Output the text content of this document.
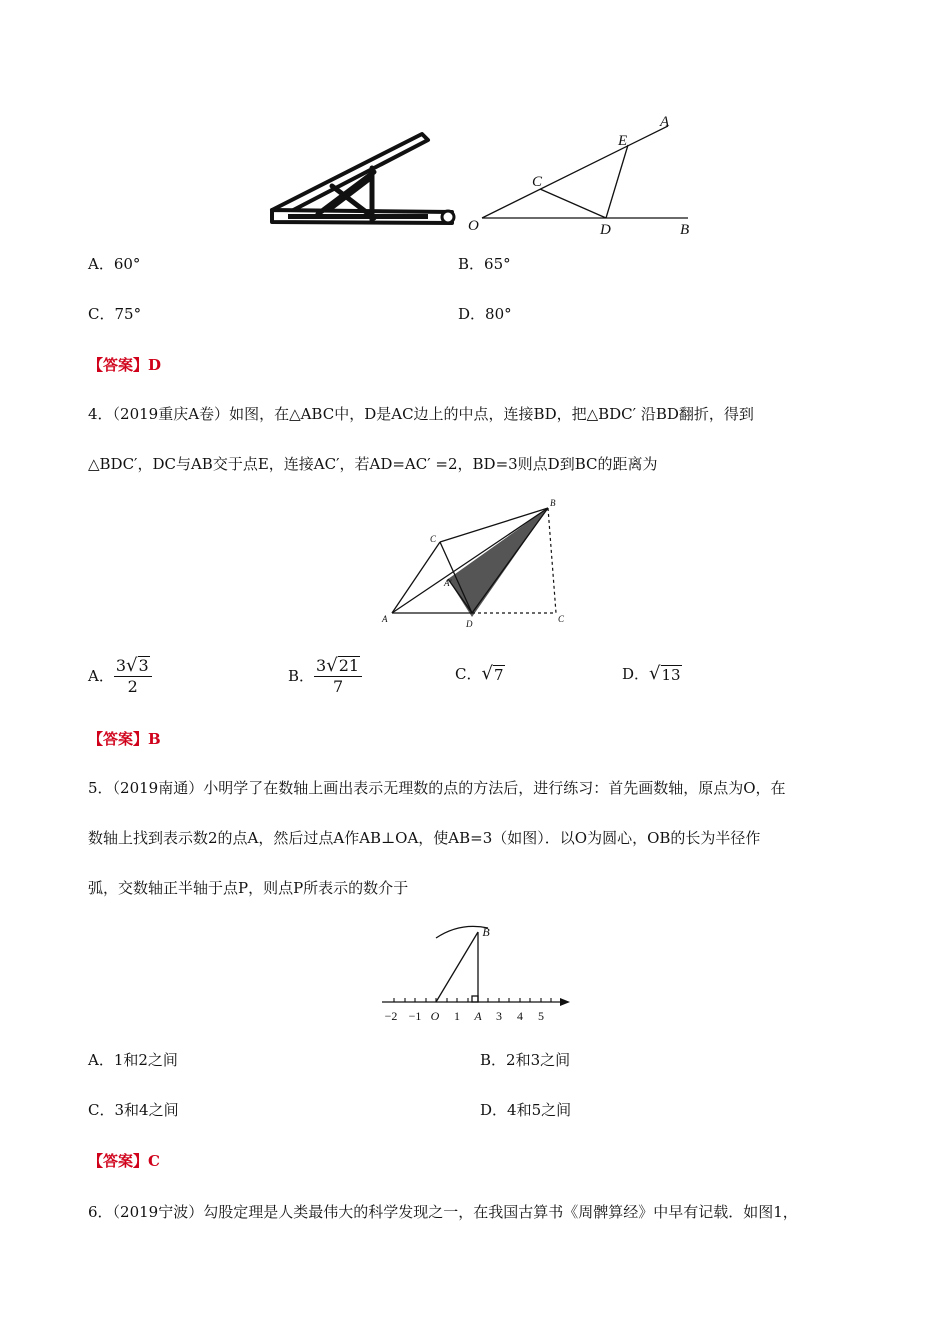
A
E
C
O	D	B
A．60°	B．65°
C．75°	D．80°
【答案】D
4．（2019重庆A卷）如图，在△ABC中，D是AC边上的中点，连接BD，把△BDC′ 沿BD翻折，得到
△BDC′，DC与AB交于点E，连接AC′，若AD=AC′ =2，BD=3则点D到BC的距离为
B
C
A'
A	D	C
A． $\frac{3√3}{2}$	B． $\frac{3√21}{7}$	C． √ 7	D． √ 13
【答案】B
5．（2019南通）小明学了在数轴上画出表示无理数的点的方法后，进行练习：首先画数轴，原点为O，在
数轴上找到表示数2的点A，然后过点A作AB⊥OA，使AB=3（如图）．以O为圆心，OB的长为半径作
弧，交数轴正半轴于点P，则点P所表示的数介于
B
−2 −1 O 1 A 3 4 5
A．1和2之间	B．2和3之间
C．3和4之间	D．4和5之间
【答案】C
6．（2019宁波）勾股定理是人类最伟大的科学发现之一，在我国古算书《周髀算经》中早有记载．如图1，
